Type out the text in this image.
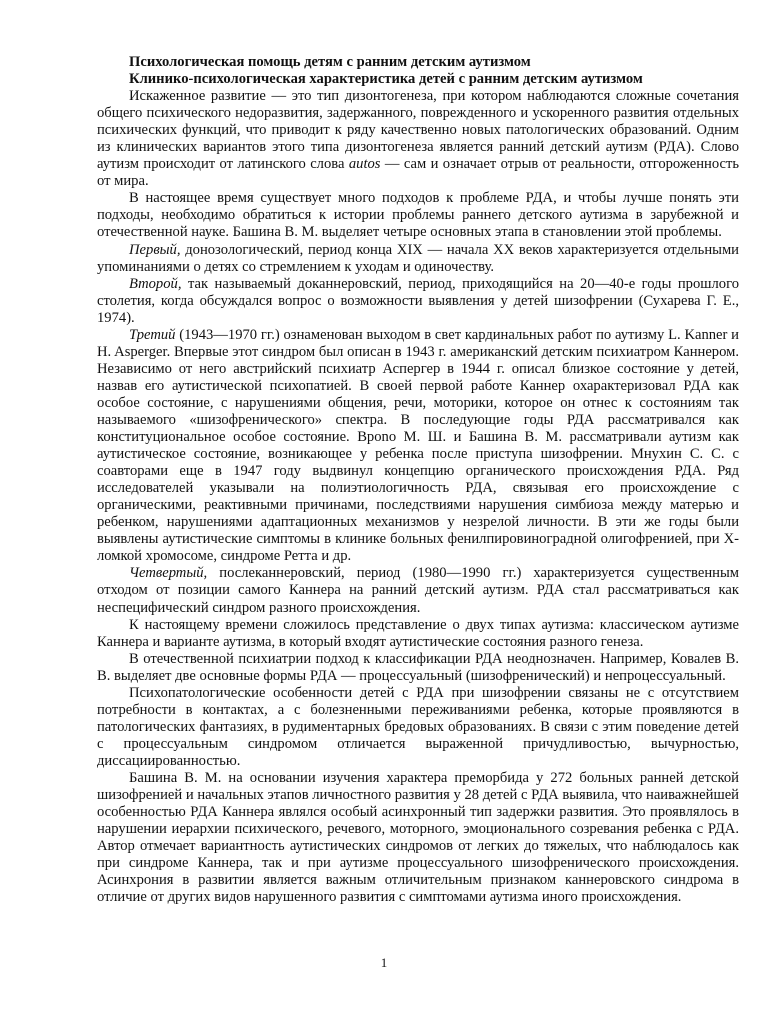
Психологическая помощь детям с ранним детским аутизмом

Клинико-психологическая характеристика детей с ранним детским аутизмом

Искаженное развитие — это тип дизонтогенеза, при котором наблюдаются сложные сочетания общего психического недоразвития, задержанного, поврежденного и ускоренного развития отдельных психических функций, что приводит к ряду качественно новых патологических образований. Одним из клинических вариантов этого типа дизонтогенеза является ранний детский аутизм (РДА). Слово аутизм происходит от латинского слова autos — сам и означает отрыв от реальности, отгороженность от мира.

В настоящее время существует много подходов к проблеме РДА, и чтобы лучше понять эти подходы, необходимо обратиться к истории проблемы раннего детского аутизма в зарубежной и отечественной науке. Башина В. М. выделяет четыре основных этапа в становлении этой проблемы.

Первый, донозологический, период конца XIX — начала XX веков характеризуется отдельными упоминаниями о детях со стремлением к уходам и одиночеству.

Второй, так называемый доканнеровский, период, приходящийся на 20—40-е годы прошлого столетия, когда обсуждался вопрос о возможности выявления у детей шизофрении (Сухарева Г. Е., 1974).

Третий (1943—1970 гг.) ознаменован выходом в свет кардинальных работ по аутизму L. Kanner и H. Asperger. Впервые этот синдром был описан в 1943 г. американский детским психиатром Каннером. Независимо от него австрийский психиатр Аспергер в 1944 г. описал близкое состояние у детей, назвав его аутистической психопатией. В своей первой работе Каннер охарактеризовал РДА как особое состояние, с нарушениями общения, речи, моторики, которое он отнес к состояниям так называемого «шизофренического» спектра. В последующие годы РДА рассматривался как конституциональное особое состояние. Врono М. Ш. и Башина В. М. рассматривали аутизм как аутистическое состояние, возникающее у ребенка после приступа шизофрении. Мнухин С. С. с соавторами еще в 1947 году выдвинул концепцию органического происхождения РДА. Ряд исследователей указывали на полиэтиологичность РДА, связывая его происхождение с органическими, реактивными причинами, последствиями нарушения симбиоза между матерью и ребенком, нарушениями адаптационных механизмов у незрелой личности. В эти же годы были выявлены аутистические симптомы в клинике больных фенилпировиноградной олигофренией, при X-ломкой хромосоме, синдроме Ретта и др.

Четвертый, послеканнеровский, период (1980—1990 гг.) характеризуется существенным отходом от позиции самого Каннера на ранний детский аутизм. РДА стал рассматриваться как неспецифический синдром разного происхождения.

К настоящему времени сложилось представление о двух типах аутизма: классическом аутизме Каннера и варианте аутизма, в который входят аутистические состояния разного генеза.

В отечественной психиатрии подход к классификации РДА неоднозначен. Например, Ковалев В. В. выделяет две основные формы РДА — процессуальный (шизофренический) и непроцессуальный.

Психопатологические особенности детей с РДА при шизофрении связаны не с отсутствием потребности в контактах, а с болезненными переживаниями ребенка, которые проявляются в патологических фантазиях, в рудиментарных бредовых образованиях. В связи с этим поведение детей с процессуальным синдромом отличается выраженной причудливостью, вычурностью, диссациированностью.

Башина В. М. на основании изучения характера преморбида у 272 больных ранней детской шизофренией и начальных этапов личностного развития у 28 детей с РДА выявила, что наиважнейшей особенностью РДА Каннера являлся особый асинхронный тип задержки развития. Это проявлялось в нарушении иерархии психического, речевого, моторного, эмоционального созревания ребенка с РДА. Автор отмечает вариантность аутистических синдромов от легких до тяжелых, что наблюдалось как при синдроме Каннера, так и при аутизме процессуального шизофренического происхождения. Асинхрония в развитии является важным отличительным признаком каннеровского синдрома в отличие от других видов нарушенного развития с симптомами аутизма иного происхождения.

1
